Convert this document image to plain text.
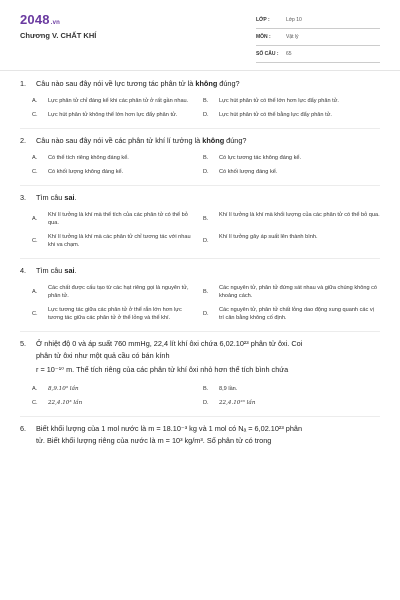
2048.vn
Chương V. CHẤT KHÍ
LỚP :	Lớp 10
MÔN :	Vật lý
SỐ CÂU : 65
1.	Câu nào sau đây nói về lực tương tác phân tử là không đúng?
A.	Lực phân tử chỉ đáng kể khi các phân tử ở rất gần nhau.	B.	Lực hút phân tử có thể lớn hơn lực đẩy phân tử.
C.	Lực hút phân tử không thể lớn hơn lực đẩy phân tử.	D.	Lực hút phân tử có thể bằng lực đẩy phân tử.
2.	Câu nào sau đây nói về các phân tử khí lí tưởng là không đúng?
A.	Có thể tích riêng không đáng kể.	B.	Có lực tương tác không đáng kể.
C.	Có khối lượng không đáng kể.	D.	Có khối lượng đáng kể.
3.	Tìm câu sai.
A.
Khí lí tưởng là khí mà thể tích của các phân tử có thể bỏ qua.
B.
Khí lí tưởng là khí mà khối lượng của các phân tử có thể bỏ qua.
C.
Khí lí tưởng là khí mà các phân tử chỉ tương tác với nhau khi va chạm.
D.
Khí lí tưởng gây áp suất lên thành bình.
4.	Tìm câu sai.
A.
Các chất được cấu tạo từ các hạt riêng gọi là nguyên tử, phân tử.
B.
Các nguyên tử, phân tử đứng sát nhau và giữa chúng không có khoảng cách.
C.
Lực tương tác giữa các phân tử ở thể rắn lớn hơn lực tương tác giữa các phân tử ở thể lỏng và thể khí.
D.
Các nguyên tử, phân tử chất lỏng dao động xung quanh các vị trí cân bằng không cố định.
5.	Ở nhiệt độ 0 và áp suất 760 mmHg, 22,4 lít khí ôxi chứa 6,02.10²³ phân tử ôxi. Coi
phân tử ôxi như một quả cầu có bán kính
r = 10⁻¹⁰ m. Thể tích riêng của các phân tử khí ôxi nhỏ hơn thể tích bình chứa
A.	8,9.10³ lần	B.	8,9 lần.
C.	22,4.10³ lần	D.	22,4.10²³ lần
6.	Biết khối lượng của 1 mol nước là m = 18.10⁻³ kg và 1 mol có Nₐ = 6,02.10²³ phân
tử. Biết khối lượng riêng của nước là m = 10³ kg/m³. Số phân tử có trong
